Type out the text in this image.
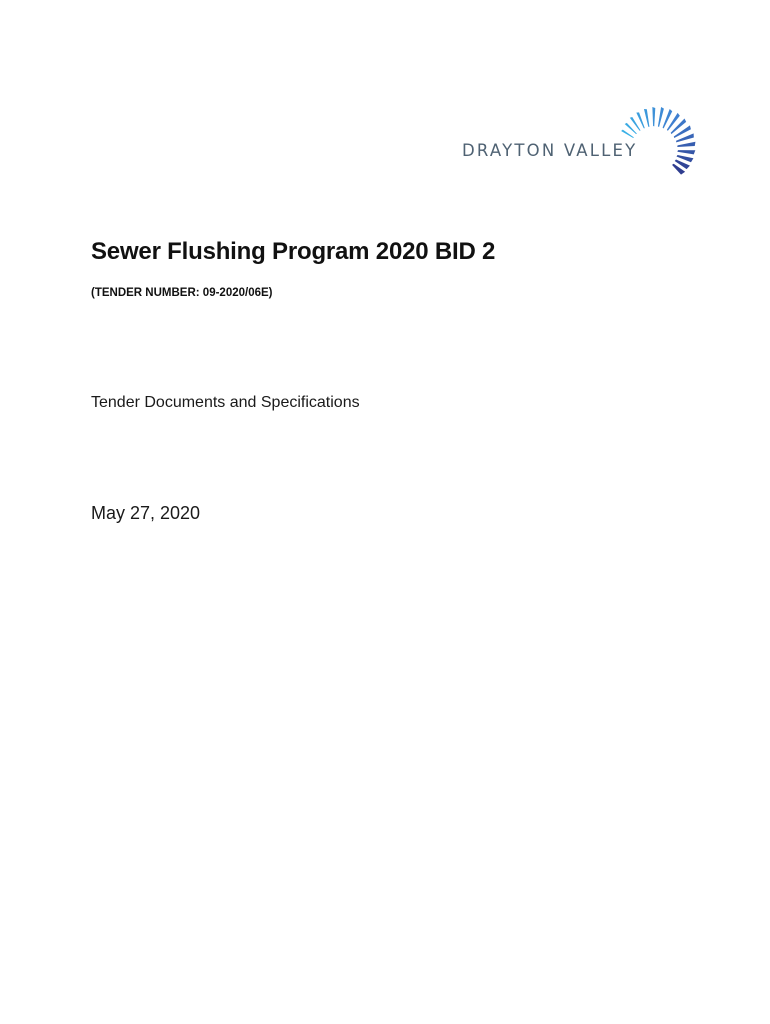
DRAYTON VALLEY
Sewer Flushing Program 2020 BID 2
(TENDER NUMBER: 09-2020/06E)
Tender Documents and Specifications
May 27, 2020
